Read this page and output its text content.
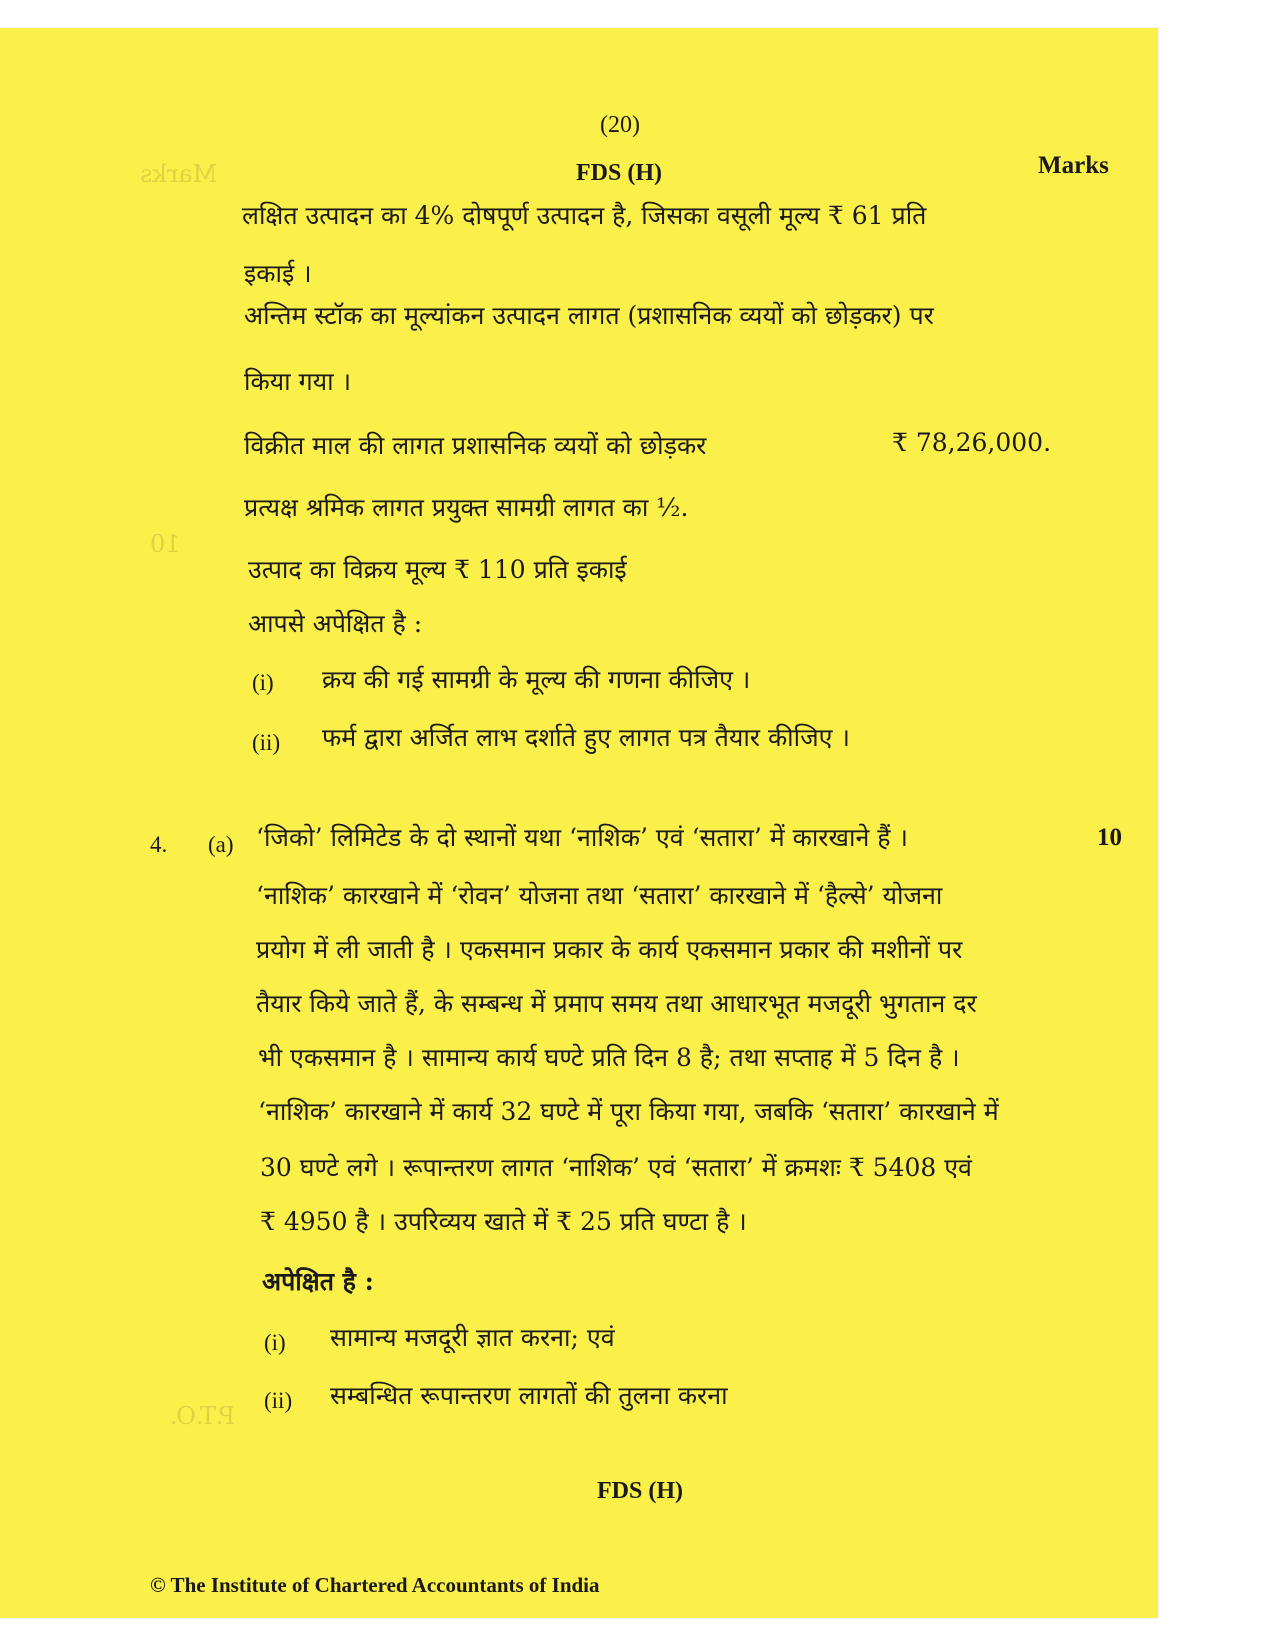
Marks
10
P.T.O.
(20)
FDS (H)	Marks
लक्षित उत्पादन का 4% दोषपूर्ण उत्पादन है, जिसका वसूली मूल्य ₹ 61 प्रति
इकाई ।
अन्तिम स्टॉक का मूल्यांकन उत्पादन लागत (प्रशासनिक व्ययों को छोड़कर) पर
किया गया ।
विक्रीत माल की लागत प्रशासनिक व्ययों को छोड़कर	₹ 78,26,000.
प्रत्यक्ष श्रमिक लागत प्रयुक्त सामग्री लागत का ½.
उत्पाद का विक्रय मूल्य ₹ 110 प्रति इकाई
आपसे अपेक्षित है :
(i) क्रय की गई सामग्री के मूल्य की गणना कीजिए ।
(ii) फर्म द्वारा अर्जित लाभ दर्शाते हुए लागत पत्र तैयार कीजिए ।
4. (a)	10
‘जिको’ लिमिटेड के दो स्थानों यथा ‘नाशिक’ एवं ‘सतारा’ में कारखाने हैं ।
‘नाशिक’ कारखाने में ‘रोवन’ योजना तथा ‘सतारा’ कारखाने में ‘हैल्से’ योजना
प्रयोग में ली जाती है । एकसमान प्रकार के कार्य एकसमान प्रकार की मशीनों पर
तैयार किये जाते हैं, के सम्बन्ध में प्रमाप समय तथा आधारभूत मजदूरी भुगतान दर
भी एकसमान है । सामान्य कार्य घण्टे प्रति दिन 8 है; तथा सप्ताह में 5 दिन है ।
‘नाशिक’ कारखाने में कार्य 32 घण्टे में पूरा किया गया, जबकि ‘सतारा’ कारखाने में
30 घण्टे लगे । रूपान्तरण लागत ‘नाशिक’ एवं ‘सतारा’ में क्रमशः ₹ 5408 एवं
₹ 4950 है । उपरिव्यय खाते में ₹ 25 प्रति घण्टा है ।
अपेक्षित है :
(i) सामान्य मजदूरी ज्ञात करना; एवं
(ii) सम्बन्धित रूपान्तरण लागतों की तुलना करना
FDS (H)
© The Institute of Chartered Accountants of India
